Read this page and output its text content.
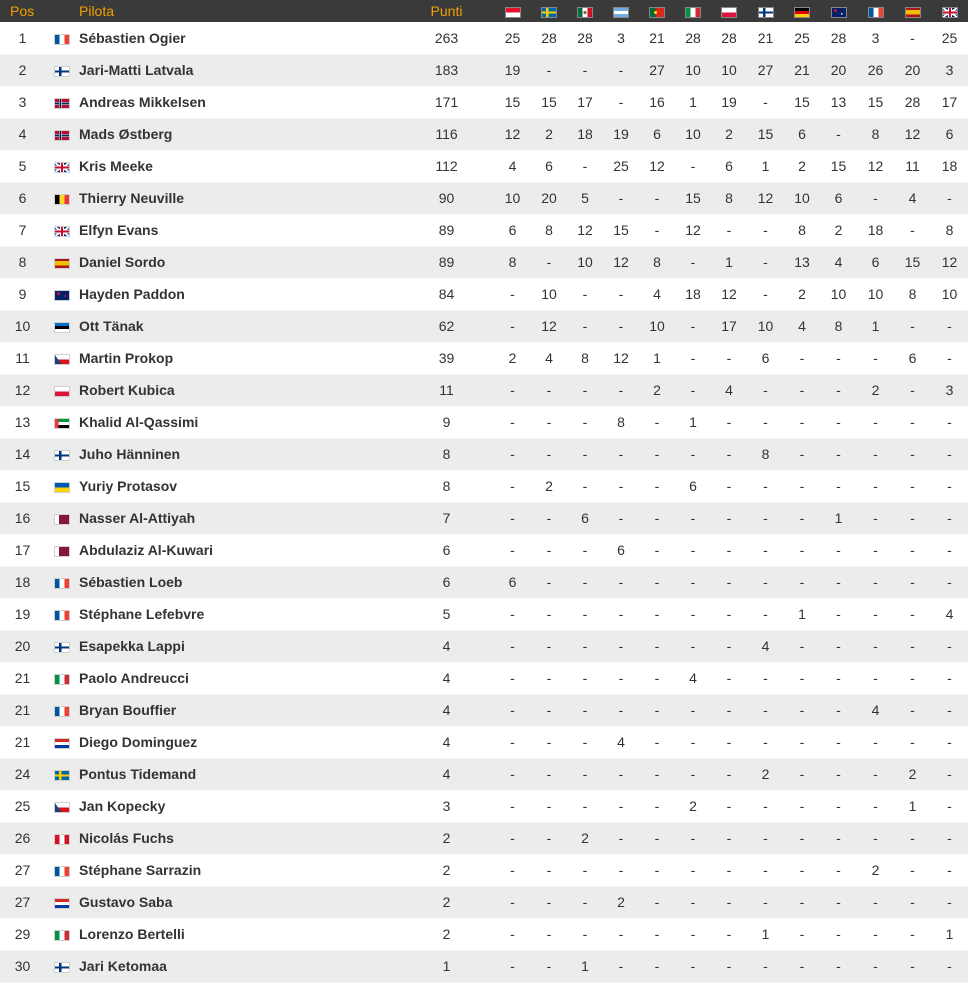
Pos		Pilota	Punti													
1		Sébastien Ogier	263	25	28	28	3	21	28	28	21	25	28	3	-	25
2		Jari-Matti Latvala	183	19	-	-	-	27	10	10	27	21	20	26	20	3
3		Andreas Mikkelsen	171	15	15	17	-	16	1	19	-	15	13	15	28	17
4		Mads Østberg	116	12	2	18	19	6	10	2	15	6	-	8	12	6
5		Kris Meeke	112	4	6	-	25	12	-	6	1	2	15	12	11	18
6		Thierry Neuville	90	10	20	5	-	-	15	8	12	10	6	-	4	-
7		Elfyn Evans	89	6	8	12	15	-	12	-	-	8	2	18	-	8
8		Daniel Sordo	89	8	-	10	12	8	-	1	-	13	4	6	15	12
9		Hayden Paddon	84	-	10	-	-	4	18	12	-	2	10	10	8	10
10		Ott Tänak	62	-	12	-	-	10	-	17	10	4	8	1	-	-
11		Martin Prokop	39	2	4	8	12	1	-	-	6	-	-	-	6	-
12		Robert Kubica	11	-	-	-	-	2	-	4	-	-	-	2	-	3
13		Khalid Al-Qassimi	9	-	-	-	8	-	1	-	-	-	-	-	-	-
14		Juho Hänninen	8	-	-	-	-	-	-	-	8	-	-	-	-	-
15		Yuriy Protasov	8	-	2	-	-	-	6	-	-	-	-	-	-	-
16		Nasser Al-Attiyah	7	-	-	6	-	-	-	-	-	-	1	-	-	-
17		Abdulaziz Al-Kuwari	6	-	-	-	6	-	-	-	-	-	-	-	-	-
18		Sébastien Loeb	6	6	-	-	-	-	-	-	-	-	-	-	-	-
19		Stéphane Lefebvre	5	-	-	-	-	-	-	-	-	1	-	-	-	4
20		Esapekka Lappi	4	-	-	-	-	-	-	-	4	-	-	-	-	-
21		Paolo Andreucci	4	-	-	-	-	-	4	-	-	-	-	-	-	-
21		Bryan Bouffier	4	-	-	-	-	-	-	-	-	-	-	4	-	-
21		Diego Dominguez	4	-	-	-	4	-	-	-	-	-	-	-	-	-
24		Pontus Tidemand	4	-	-	-	-	-	-	-	2	-	-	-	2	-
25		Jan Kopecky	3	-	-	-	-	-	2	-	-	-	-	-	1	-
26		Nicolás Fuchs	2	-	-	2	-	-	-	-	-	-	-	-	-	-
27		Stéphane Sarrazin	2	-	-	-	-	-	-	-	-	-	-	2	-	-
27		Gustavo Saba	2	-	-	-	2	-	-	-	-	-	-	-	-	-
29		Lorenzo Bertelli	2	-	-	-	-	-	-	-	1	-	-	-	-	1
30		Jari Ketomaa	1	-	-	1	-	-	-	-	-	-	-	-	-	-
